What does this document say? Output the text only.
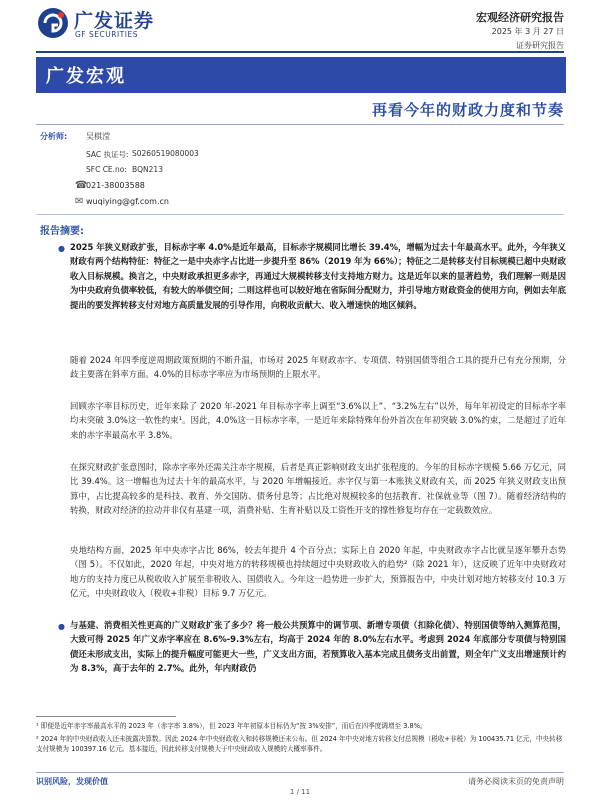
广发证券
GF SECURITIES
宏观经济研究报告
2025 年 3 月 27 日
证券研究报告
广发宏观
再看今年的财政力度和节奏
分析师: 吴棋滢
SAC 执证号: S0260519080003
SFC CE.no: BQN213
☎
021-38003588
✉ wuqiying@gf.com.cn
报告摘要:
● 2025 年狭义财政扩张，目标赤字率 4.0%是近年最高，目标赤字规模同比增长 39.4%，增幅为过去十年最高水平。此外，今年狭义财政有两个结构特征：特征之一是中央赤字占比进一步提升至 86%（2019 年为 66%）；特征之二是转移支付目标规模已超中央财政收入目标规模。换言之，中央财政承担更多赤字，再通过大规模转移支付支持地方财力。这是近年以来的显著趋势，我们理解一则是因为中央政府负债率较低，有较大的举债空间；二则这样也可以较好地在省际间分配财力，并引导地方财政资金的使用方向，例如去年底提出的要发挥转移支付对地方高质量发展的引导作用，向税收贡献大、收入增速快的地区倾斜。
随着 2024 年四季度逆周期政策预期的不断升温，市场对 2025 年财政赤字、专项债、特别国债等组合工具的提升已有充分预期，分歧主要落在斜率方面。4.0%的目标赤字率应为市场预期的上限水平。
回顾赤字率目标历史，近年来除了 2020 年-2021 年目标赤字率上调至“3.6%以上”、“3.2%左右”以外，每年年初设定的目标赤字率均未突破 3.0%这一软性约束¹。因此，4.0%这一目标赤字率，一是近年来除特殊年份外首次在年初突破 3.0%约束，二是超过了近年来的赤字率最高水平 3.8%。
在探究财政扩张意图时，除赤字率外还需关注赤字规模，后者是真正影响财政支出扩张程度的。今年的目标赤字规模 5.66 万亿元，同比 39.4%。这一增幅也为过去十年的最高水平，与 2020 年增幅接近。赤字仅与第一本账狭义财政有关，而 2025 年狭义财政支出预算中，占比提高较多的是科技、教育、外交国防、债务付息等；占比绝对规模较多的包括教育、社保就业等（图 7）。随着经济结构的转换，财政对经济的拉动并非仅有基建一项，消费补贴、生育补贴以及工资性开支的撑性修复均存在一定载数效应。
央地结构方面，2025 年中央赤字占比 86%，较去年提升 4 个百分点；实际上自 2020 年起，中央财政赤字占比就呈逐年攀升态势（图 5）。不仅如此，2020 年起，中央对地方的转移规模也持续超过中央财政收入的趋势²（除 2021 年），这反映了近年中央财政对地方的支持力度已从税收收入扩展至非税收入、国债收入。今年这一趋势进一步扩大，预算报告中，中央计划对地方转移支付 10.3 万亿元，中央财政收入（税收+非税）目标 9.7 万亿元。
● 与基建、消费相关性更高的广义财政扩张了多少？将一般公共预算中的调节项、新增专项债（扣除化债）、特别国债等纳入测算范围，大致可得 2025 年广义赤字率应在 8.6%-9.3%左右，均高于 2024 年的 8.0%左右水平。考虑到 2024 年底部分专项债与特别国债还未形成支出，实际上的提升幅度可能更大一些，广义支出方面，若预算收入基本完成且债务支出前置，则全年广义支出增速预计约为 8.3%，高于去年的 2.7%。此外，年内财政仍
¹ 即便是近年赤字率最高水平的 2023 年（赤字率 3.8%），但 2023 年年初原本目标仍为“按 3%安排”，而后在四季度调增至 3.8%。
² 2024 年的中央财政收入还未披露决算数。因此 2024 年中央财政收入和转移规模还未公布。但 2024 年中央对地方转移支付总规模（税收+非税）为 100435.71 亿元，中央转移支付规模为 100397.16 亿元。基本接近，因此转移支付规模大于中央财政收入规模的大概率事件。
识别风险，发现价值	请务必阅读末页的免责声明
1 / 11
